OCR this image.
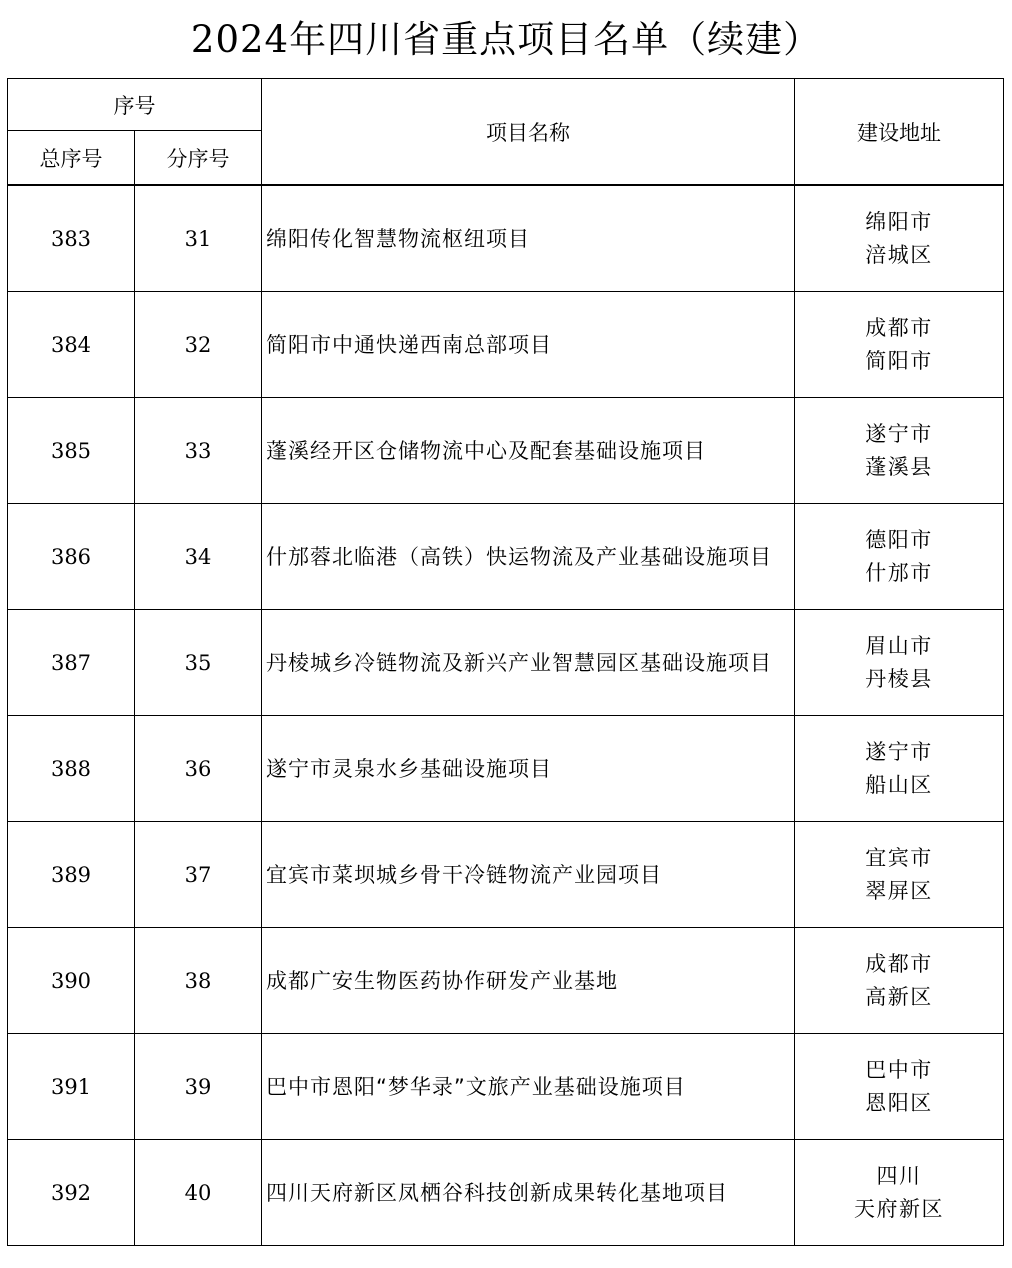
2024年四川省重点项目名单（续建）
序号		项目名称	建设地址
总序号	分序号		
383	31	绵阳传化智慧物流枢纽项目	绵阳市
涪城区

384	32	简阳市中通快递西南总部项目	成都市
简阳市

385	33	蓬溪经开区仓储物流中心及配套基础设施项目	遂宁市
蓬溪县

386	34	什邡蓉北临港（高铁）快运物流及产业基础设施项目	德阳市
什邡市

387	35	丹棱城乡冷链物流及新兴产业智慧园区基础设施项目	眉山市
丹棱县

388	36	遂宁市灵泉水乡基础设施项目	遂宁市
船山区

389	37	宜宾市菜坝城乡骨干冷链物流产业园项目	宜宾市
翠屏区

390	38	成都广安生物医药协作研发产业基地	成都市
高新区

391	39	巴中市恩阳“梦华录”文旅产业基础设施项目	巴中市
恩阳区

392	40	四川天府新区凤栖谷科技创新成果转化基地项目	四川
天府新区
